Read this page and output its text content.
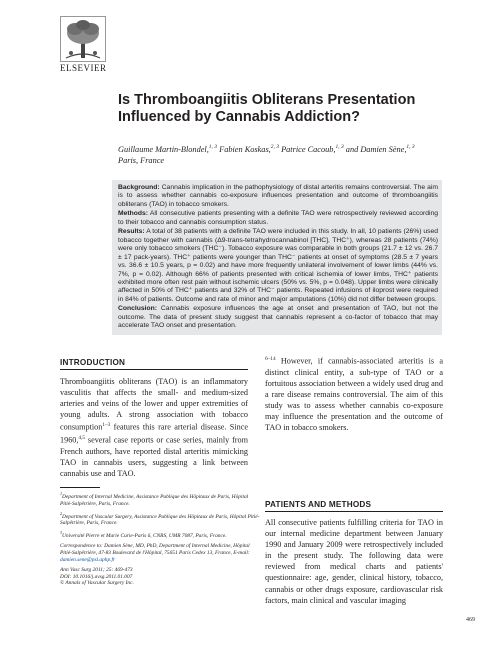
ELSEVIER
Is Thromboangiitis Obliterans Presentation Influenced by Cannabis Addiction?
Guillaume Martin-Blondel,$^{1, 3}$ Fabien Koskas,$^{2, 3}$ Patrice Cacoub,$^{1, 3}$ and Damien Sène,$^{1, 3}$ Paris, France

Background: Cannabis implication in the pathophysiology of distal arteritis remains controversial. The aim is to assess whether cannabis co-exposure influences presentation and outcome of thromboangiitis obliterans (TAO) in tobacco smokers.

Methods: All consecutive patients presenting with a definite TAO were retrospectively reviewed according to their tobacco and cannabis consumption status.

Results: A total of 38 patients with a definite TAO were included in this study. In all, 10 patients (26%) used tobacco together with cannabis (Δ9-trans-tetrahydrocannabinol [THC], THC⁺), whereas 28 patients (74%) were only tobacco smokers (THC⁻). Tobacco exposure was comparable in both groups (21.7 ± 12 vs. 26.7 ± 17 pack-years). THC⁺ patients were younger than THC⁻ patients at onset of symptoms (28.5 ± 7 years vs. 36.6 ± 10.5 years, p = 0.02) and have more frequently unilateral involvement of lower limbs (44% vs. 7%, p = 0.02). Although 66% of patients presented with critical ischemia of lower limbs, THC⁺ patients exhibited more often rest pain without ischemic ulcers (50% vs. 5%, p = 0.048). Upper limbs were clinically affected in 50% of THC⁺ patients and 32% of THC⁻ patients. Repeated infusions of iloprost were required in 84% of patients. Outcome and rate of minor and major amputations (10%) did not differ between groups.

Conclusion: Cannabis exposure influences the age at onset and presentation of TAO, but not the outcome. The data of present study suggest that cannabis represent a co-factor of tobacco that may accelerate TAO onset and presentation.

INTRODUCTION
Thromboangiitis obliterans (TAO) is an inflammatory vasculitis that affects the small- and medium-sized arteries and veins of the lower and upper extremities of young adults. A strong association with tobacco consumption$^{1-3}$ features this rare arterial disease. Since 1960,$^{4,5}$ several case reports or case series, mainly from French authors, have reported distal arteritis mimicking TAO in cannabis users, suggesting a link between cannabis use and TAO.
$^{6-14}$ However, if cannabis-associated arteritis is a distinct clinical entity, a sub-type of TAO or a fortuitous association between a widely used drug and a rare disease remains controversial. The aim of this study was to assess whether cannabis co-exposure may influence the presentation and the outcome of TAO in tobacco smokers.
PATIENTS AND METHODS
All consecutive patients fulfilling criteria for TAO in our internal medicine department between January 1990 and January 2009 were retrospectively included in the present study. The following data were reviewed from medical charts and patients' questionnaire: age, gender, clinical history, tobacco, cannabis or other drugs exposure, cardiovascular risk factors, main clinical and vascular imaging

$^1$Department of Internal Medicine, Assistance Publique des Hôpitaux de Paris, Hôpital Pitié-Salpêtrière, Paris, France.

$^2$Department of Vascular Surgery, Assistance Publique des Hôpitaux de Paris, Hôpital Pitié-Salpêtrière, Paris, France.

$^3$Université Pierre et Marie Curie-Paris 6, CNRS, UMR 7087, Paris, France.

Correspondence to: Damien Sène, MD, PhD, Department of Internal Medicine, Hôpital Pitié-Salpêtrière, 47-83 Boulevard de l'Hôpital, 75651 Paris Cedex 13, France, E-mail: damien.sene@psl.aphp.fr

Ann Vasc Surg 2011; 25: 469-473

DOI: 10.1016/j.avsg.2011.01.007

© Annals of Vascular Surgery Inc.

469
